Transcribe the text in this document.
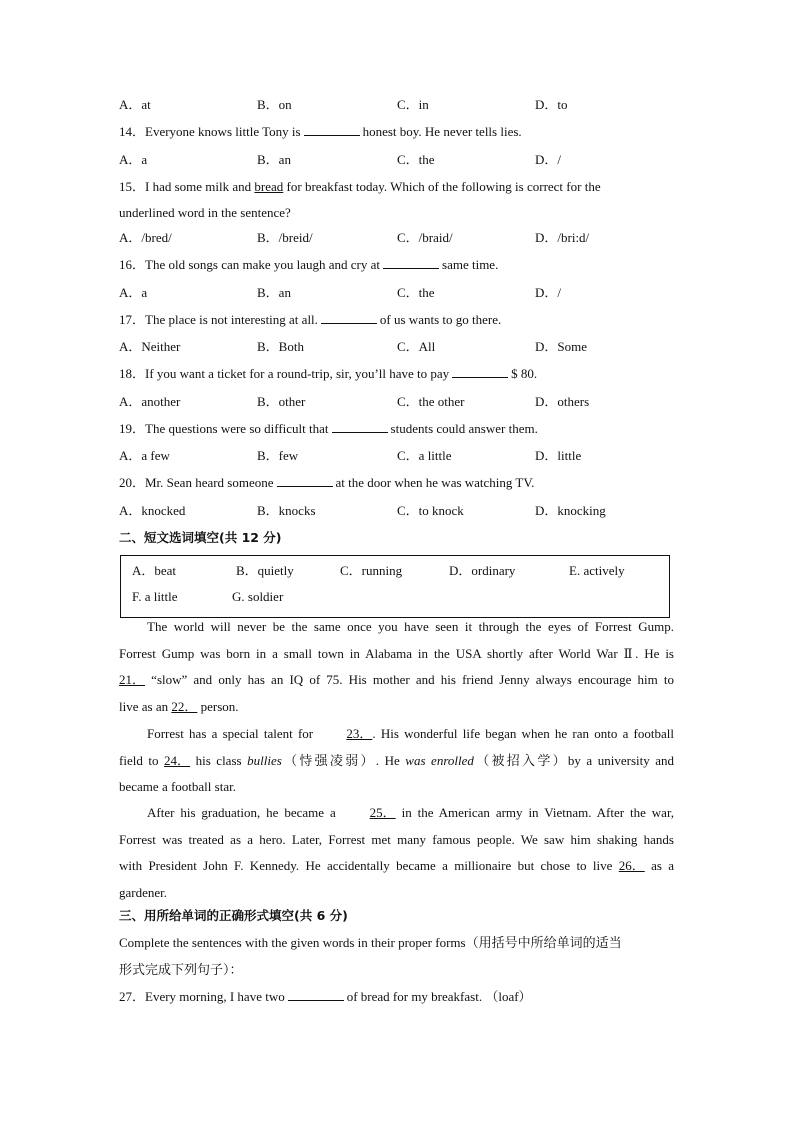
A．at	B．on	C．in	D．to
14．Everyone knows little Tony is	honest boy. He never tells lies.
A．a	B．an	C．the	D．/
15．I had some milk and bread for breakfast today. Which of the following is correct for the
underlined word in the sentence?
A．/bred/	B．/breid/	C．/braid/	D．/bri:d/
16．The old songs can make you laugh and cry at	same time.
A．a	B．an	C．the	D．/
17．The place is not interesting at all.	of us wants to go there.
A．Neither	B．Both	C．All	D．Some
18．If you want a ticket for a round-trip, sir, you’ll have to pay	$ 80.
A．another	B．other	C．the other	D．others
19．The questions were so difficult that	students could answer them.
A．a few	B．few	C．a little	D．little
20．Mr. Sean heard someone	at the door when he was watching TV.
A．knocked	B．knocks	C．to knock	D．knocking
二、短文选词填空(共 12 分)
A．beat	B．quietly	C．running	D．ordinary	E. actively
F. a little	G. soldier
The world will never be the same once you have seen it through the eyes of Forrest Gump.
Forrest Gump was born in a small town in Alabama in the USA shortly after World War Ⅱ. He is
21． “slow” and only has an IQ of 75. His mother and his friend Jenny always encourage him to
live as an 22． person.
Forrest has a special talent for	23．. His wonderful life began when he ran onto a football
field to 24． his class bullies（恃强凌弱）. He was enrolled（被招入学）by a university and
became a football star.
After his graduation, he became a	25． in the American army in Vietnam. After the war,
Forrest was treated as a hero. Later, Forrest met many famous people. We saw him shaking hands
with President John F. Kennedy. He accidentally became a millionaire but chose to live 26． as a
gardener.
三、用所给单词的正确形式填空(共 6 分)
Complete the sentences with the given words in their proper forms（用括号中所给单词的适当
形式完成下列句子）：
27．Every morning, I have two	of bread for my breakfast. （loaf）
